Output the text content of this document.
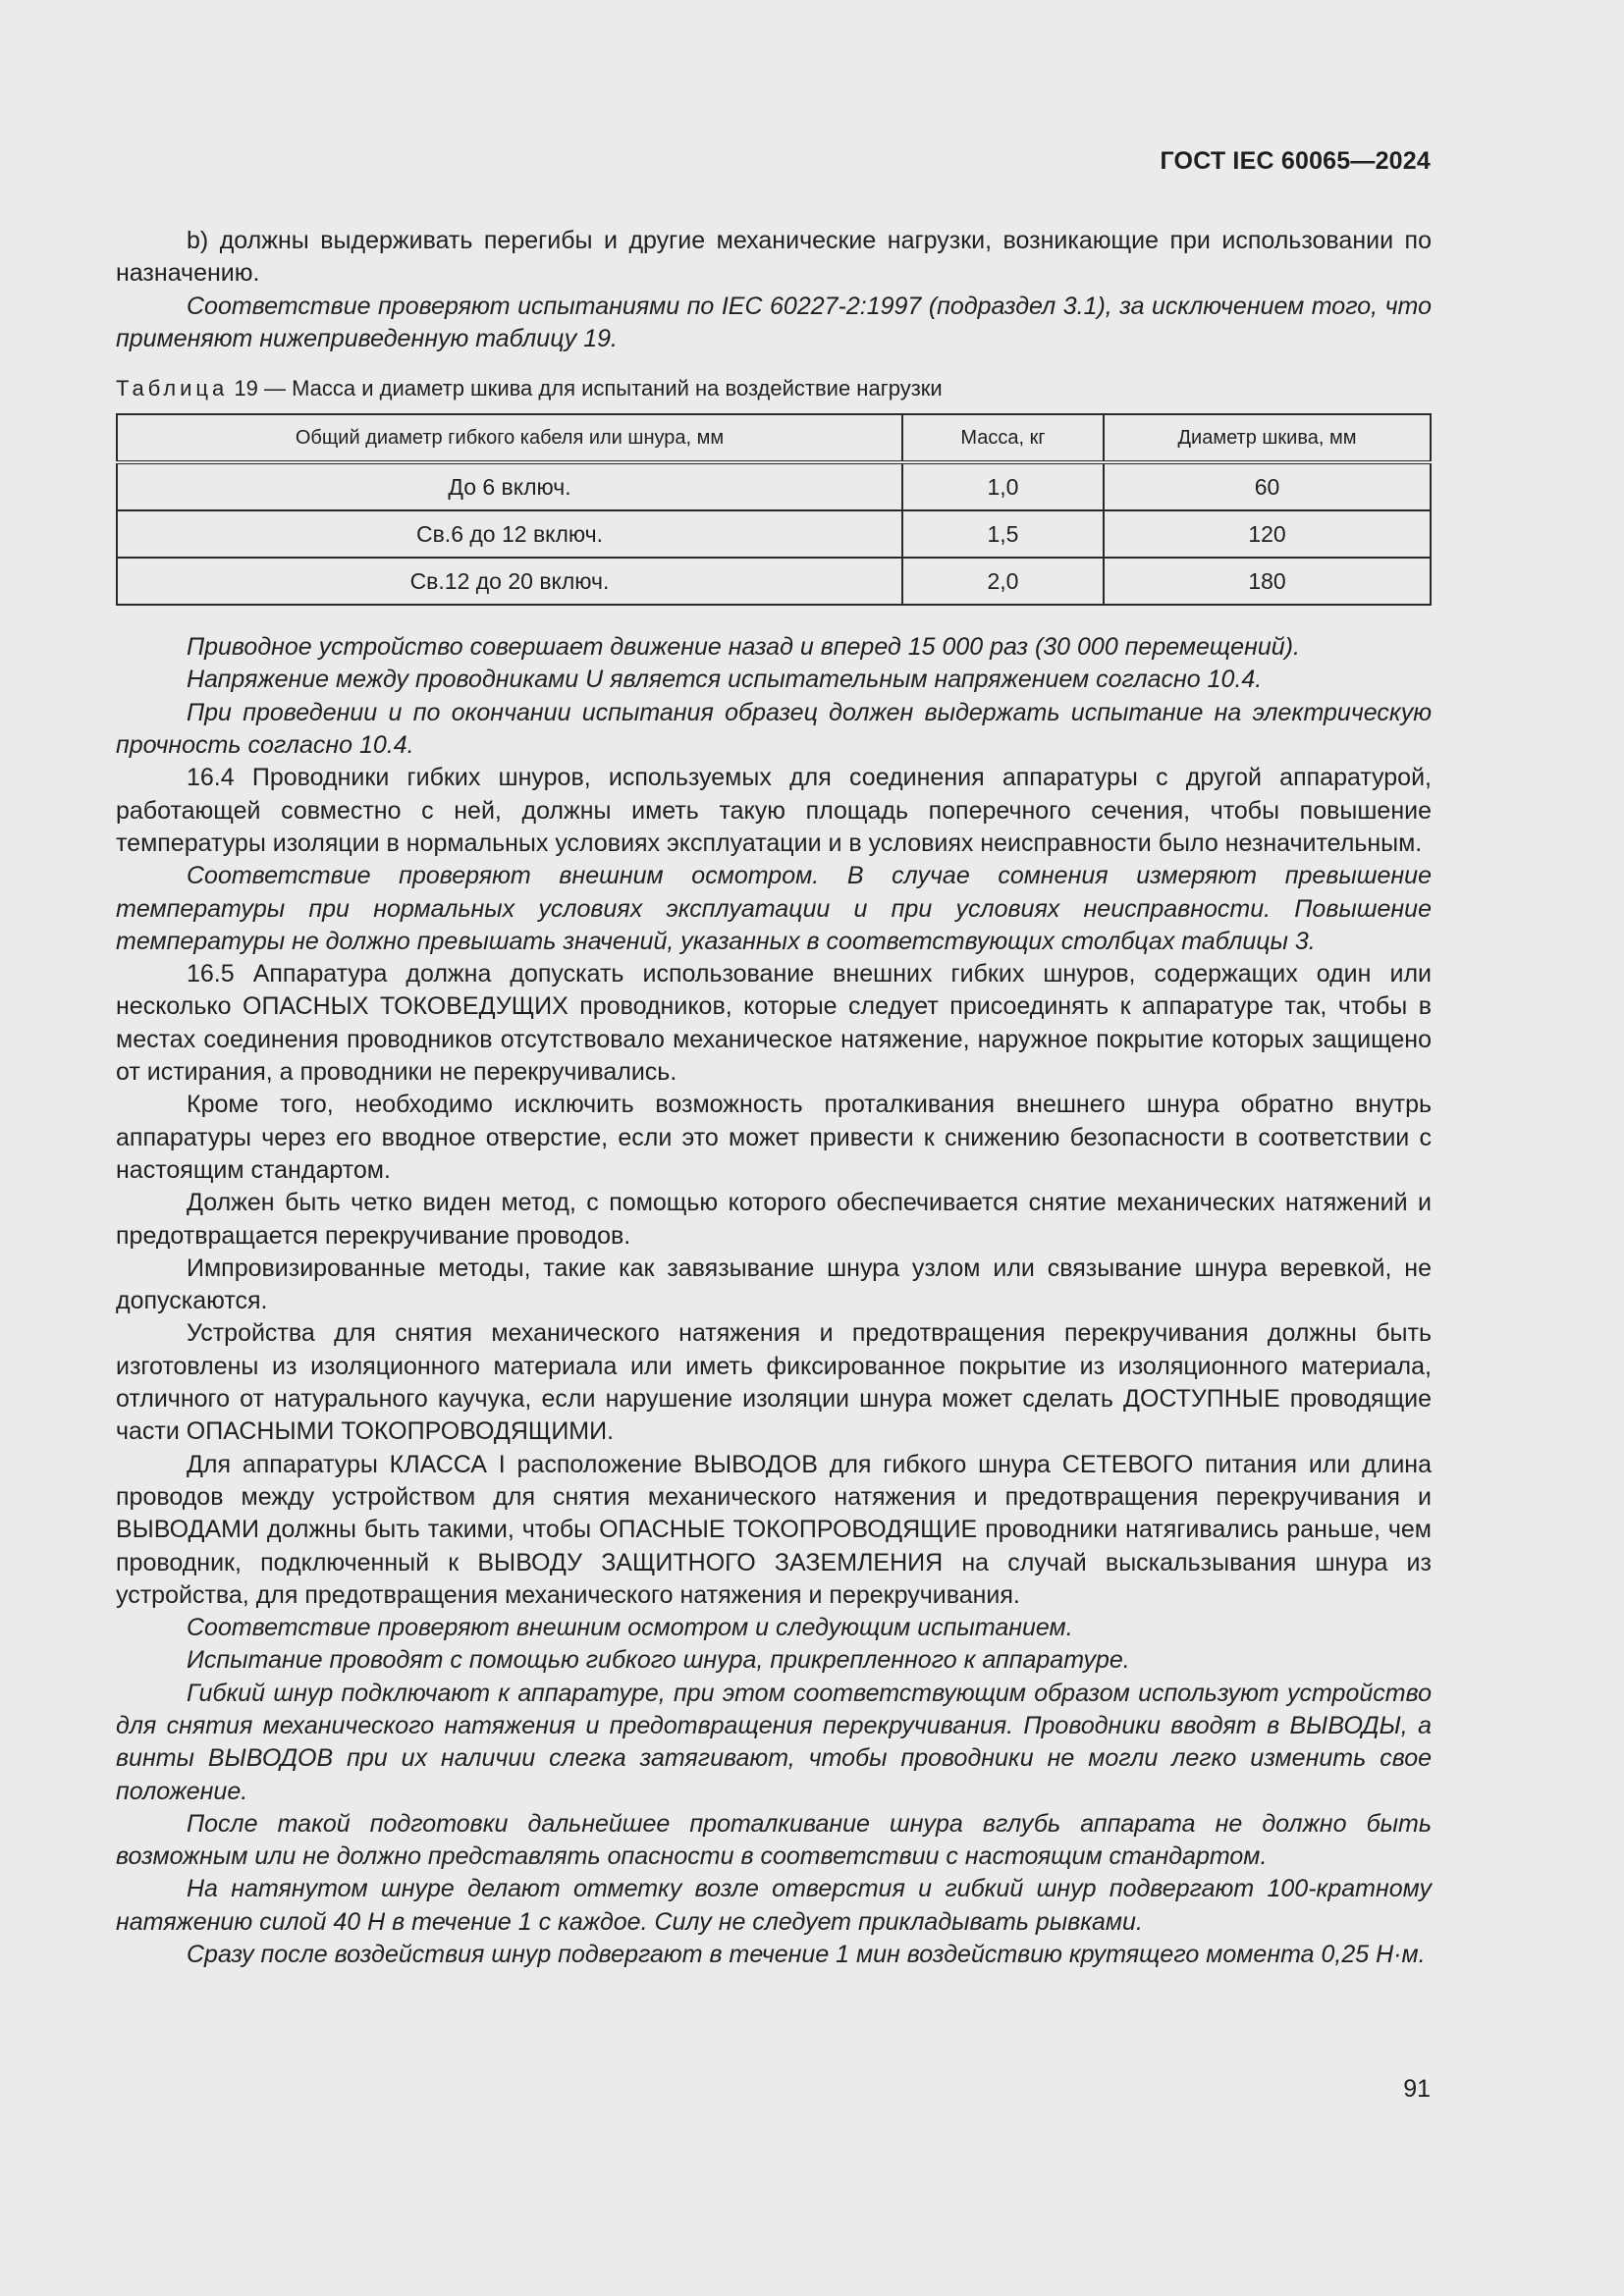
ГОСТ IEC 60065—2024

b) должны выдерживать перегибы и другие механические нагрузки, возникающие при использовании по назначению.

Соответствие проверяют испытаниями по IEC 60227-2:1997 (подраздел 3.1), за исключением того, что применяют нижеприведенную таблицу 19.

Таблица 19 — Масса и диаметр шкива для испытаний на воздействие нагрузки
Общий диаметр гибкого кабеля или шнура, мм	Масса, кг	Диаметр шкива, мм
До 6 включ.	1,0	60
Св.6 до 12 включ.	1,5	120
Св.12 до 20 включ.	2,0	180

Приводное устройство совершает движение назад и вперед 15 000 раз (30 000 перемещений).

Напряжение между проводниками U является испытательным напряжением согласно 10.4.

При проведении и по окончании испытания образец должен выдержать испытание на электрическую прочность согласно 10.4.

16.4 Проводники гибких шнуров, используемых для соединения аппаратуры с другой аппаратурой, работающей совместно с ней, должны иметь такую площадь поперечного сечения, чтобы повышение температуры изоляции в нормальных условиях эксплуатации и в условиях неисправности было незначительным.

Соответствие проверяют внешним осмотром. В случае сомнения измеряют превышение температуры при нормальных условиях эксплуатации и при условиях неисправности. Повышение температуры не должно превышать значений, указанных в соответствующих столбцах таблицы 3.

16.5 Аппаратура должна допускать использование внешних гибких шнуров, содержащих один или несколько ОПАСНЫХ ТОКОВЕДУЩИХ проводников, которые следует присоединять к аппаратуре так, чтобы в местах соединения проводников отсутствовало механическое натяжение, наружное покрытие которых защищено от истирания, а проводники не перекручивались.

Кроме того, необходимо исключить возможность проталкивания внешнего шнура обратно внутрь аппаратуры через его вводное отверстие, если это может привести к снижению безопасности в соответствии с настоящим стандартом.

Должен быть четко виден метод, с помощью которого обеспечивается снятие механических натяжений и предотвращается перекручивание проводов.

Импровизированные методы, такие как завязывание шнура узлом или связывание шнура веревкой, не допускаются.

Устройства для снятия механического натяжения и предотвращения перекручивания должны быть изготовлены из изоляционного материала или иметь фиксированное покрытие из изоляционного материала, отличного от натурального каучука, если нарушение изоляции шнура может сделать ДОСТУПНЫЕ проводящие части ОПАСНЫМИ ТОКОПРОВОДЯЩИМИ.

Для аппаратуры КЛАССА I расположение ВЫВОДОВ для гибкого шнура СЕТЕВОГО питания или длина проводов между устройством для снятия механического натяжения и предотвращения перекручивания и ВЫВОДАМИ должны быть такими, чтобы ОПАСНЫЕ ТОКОПРОВОДЯЩИЕ проводники натягивались раньше, чем проводник, подключенный к ВЫВОДУ ЗАЩИТНОГО ЗАЗЕМЛЕНИЯ на случай выскальзывания шнура из устройства, для предотвращения механического натяжения и перекручивания.

Соответствие проверяют внешним осмотром и следующим испытанием.

Испытание проводят с помощью гибкого шнура, прикрепленного к аппаратуре.

Гибкий шнур подключают к аппаратуре, при этом соответствующим образом используют устройство для снятия механического натяжения и предотвращения перекручивания. Проводники вводят в ВЫВОДЫ, а винты ВЫВОДОВ при их наличии слегка затягивают, чтобы проводники не могли легко изменить свое положение.

После такой подготовки дальнейшее проталкивание шнура вглубь аппарата не должно быть возможным или не должно представлять опасности в соответствии с настоящим стандартом.

На натянутом шнуре делают отметку возле отверстия и гибкий шнур подвергают 100-кратному натяжению силой 40 Н в течение 1 с каждое. Силу не следует прикладывать рывками.

Сразу после воздействия шнур подвергают в течение 1 мин воздействию крутящего момента 0,25 Н·м.

91
